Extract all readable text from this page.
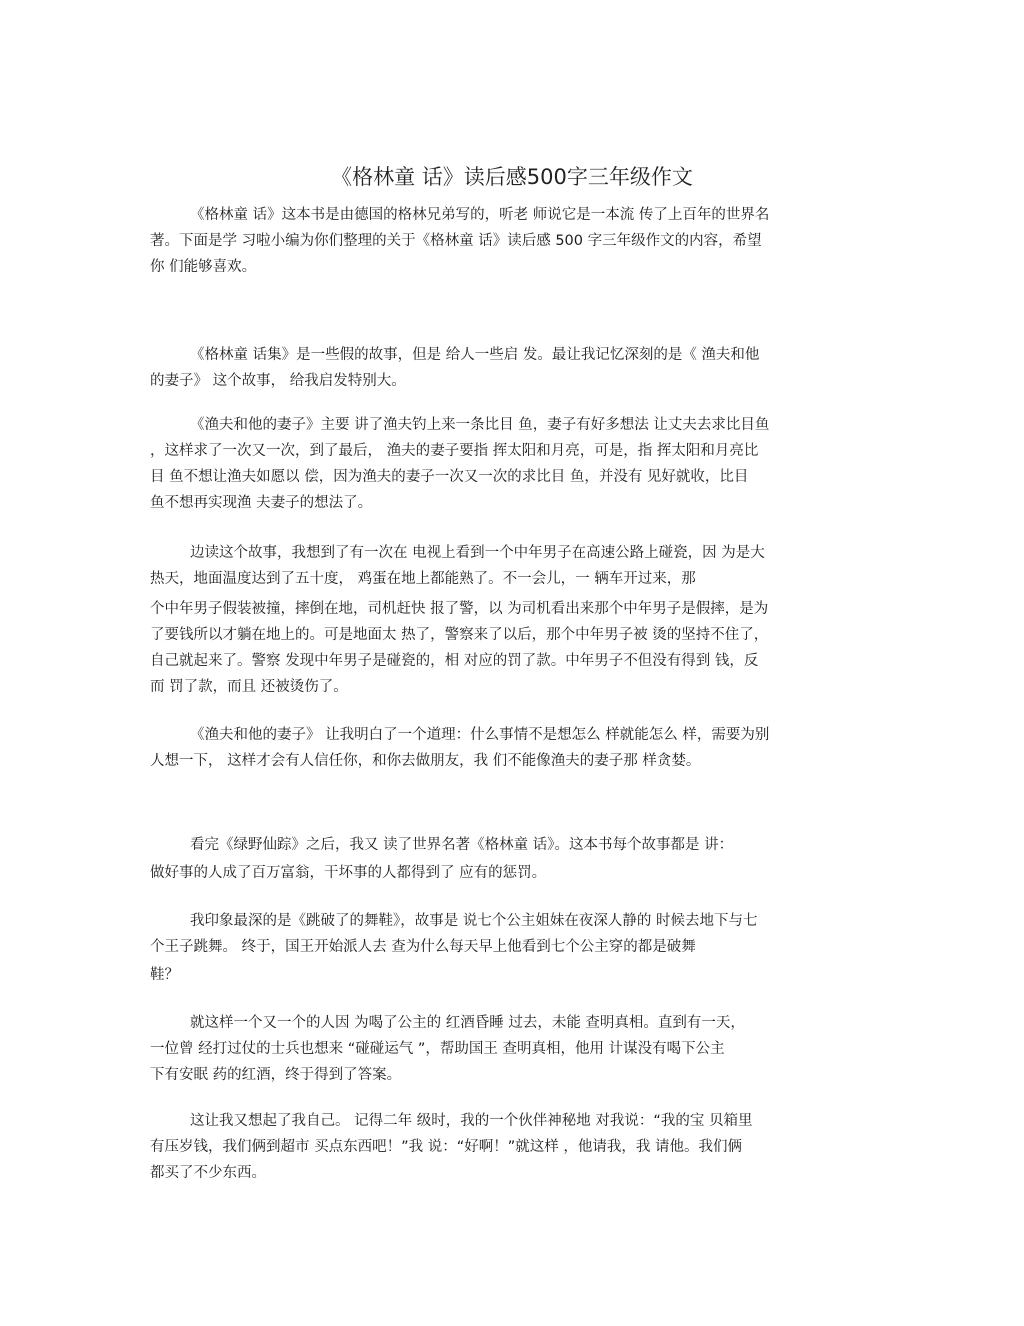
《格林童 话》读后感500字三年级作文
《格林童 话》这本书是由德国的格林兄弟写的，听老 师说它是一本流 传了上百年的世界名
著。下面是学 习啦小编为你们整理的关于《格林童 话》读后感 500 字三年级作文的内容，希望
你 们能够喜欢。
《格林童 话集》是一些假的故事，但是 给人一些启 发。最让我记忆深刻的是《 渔夫和他
的妻子》 这个故事， 给我启发特别大。
《渔夫和他的妻子》主要 讲了渔夫钓上来一条比目 鱼，妻子有好多想法 让丈夫去求比目鱼
，这样求了一次又一次，到了最后， 渔夫的妻子要指 挥太阳和月亮，可是，指 挥太阳和月亮比
目 鱼不想让渔夫如愿以 偿，因为渔夫的妻子一次又一次的求比目 鱼，并没有 见好就收，比目
鱼不想再实现渔 夫妻子的想法了。
边读这个故事，我想到了有一次在 电视上看到一个中年男子在高速公路上碰瓷，因 为是大
热天，地面温度达到了五十度， 鸡蛋在地上都能熟了。不一会儿，一 辆车开过来，那
个中年男子假装被撞，摔倒在地，司机赶快 报了警，以 为司机看出来那个中年男子是假摔，是为
了要钱所以才躺在地上的。可是地面太 热了，警察来了以后，那个中年男子被 烫的坚持不住了，
自己就起来了。警察 发现中年男子是碰瓷的，相 对应的罚了款。中年男子不但没有得到 钱，反
而 罚了款，而且 还被烫伤了。
《渔夫和他的妻子》 让我明白了一个道理：什么事情不是想怎么 样就能怎么 样，需要为别
人想一下， 这样才会有人信任你，和你去做朋友，我 们不能像渔夫的妻子那 样贪婪。
看完《绿野仙踪》之后，我又 读了世界名著《格林童 话》。这本书每个故事都是 讲：
做好事的人成了百万富翁，干坏事的人都得到了 应有的惩罚。
我印象最深的是《跳破了的舞鞋》，故事是 说七个公主姐妹在夜深人静的 时候去地下与七
个王子跳舞。 终于，国王开始派人去 查为什么每天早上他看到七个公主穿的都是破舞
鞋？
就这样一个又一个的人因 为喝了公主的 红酒昏睡 过去，未能 查明真相。直到有一天，
一位曾 经打过仗的士兵也想来 “碰碰运气 ”，帮助国王 查明真相，他用 计谋没有喝下公主
下有安眠 药的红酒，终于得到了答案。
这让我又想起了我自己。 记得二年 级时，我的一个伙伴神秘地 对我说：“我的宝 贝箱里
有压岁钱，我们俩到超市 买点东西吧！”我 说：“好啊！”就这样 ，他请我，我 请他。我们俩
都买了不少东西。
